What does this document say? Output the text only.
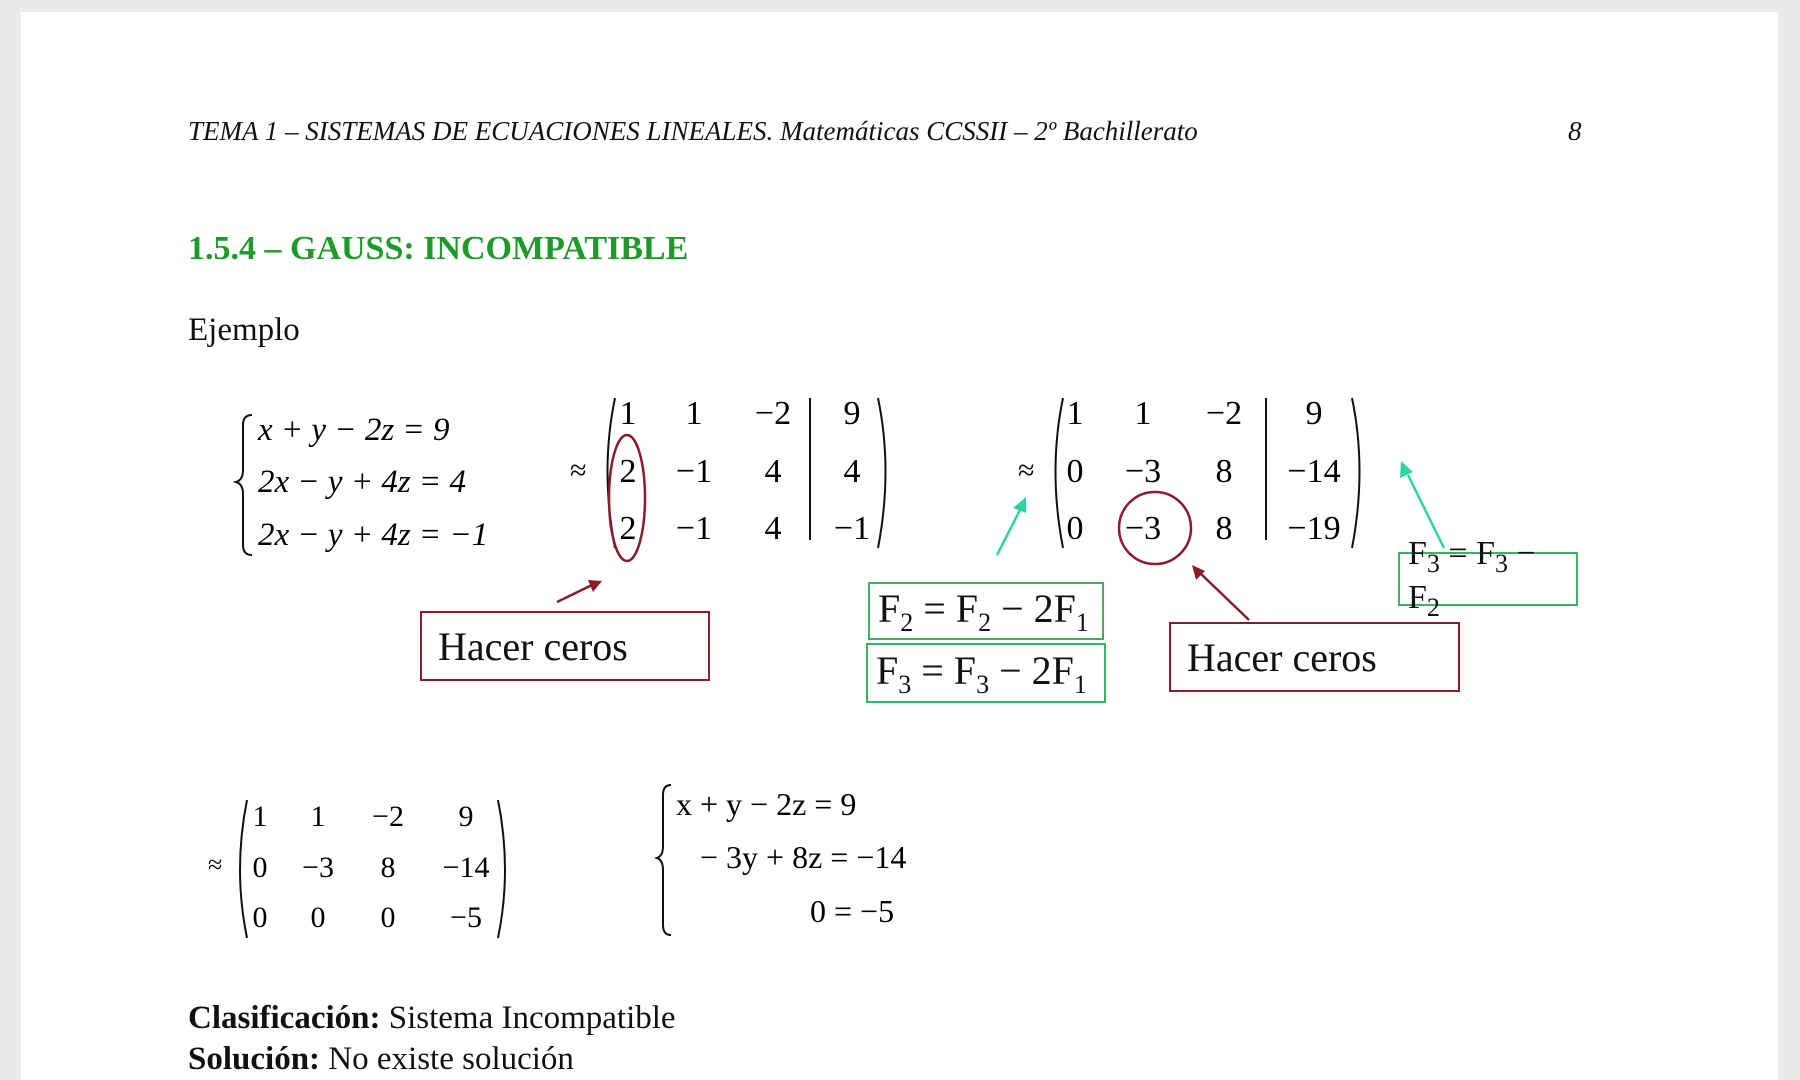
TEMA 1 – SISTEMAS DE ECUACIONES LINEALES. Matemáticas CCSSII – 2º Bachillerato	8
1.5.4 – GAUSS: INCOMPATIBLE
Ejemplo
x + y − 2z = 9
2x − y + 4z = 4
2x − y + 4z = −1
≈
1 1 −2 9
2 −1 4 4
2 −1 4 −1
≈
1 1 −2 9
0 −3 8 −14
0 −3 8 −19
≈
1 1 −2 9
0 −3 8 −14
0 0 0 −5
x + y − 2z = 9
− 3y + 8z = −14
0 = −5
Hacer ceros	Hacer ceros
$F_2 = F_2 - 2F_1$
$F_3 = F_3 - 2F_1$
$F_3 = F_3 - F_2$
Clasificación: Sistema Incompatible
Solución: No existe solución
